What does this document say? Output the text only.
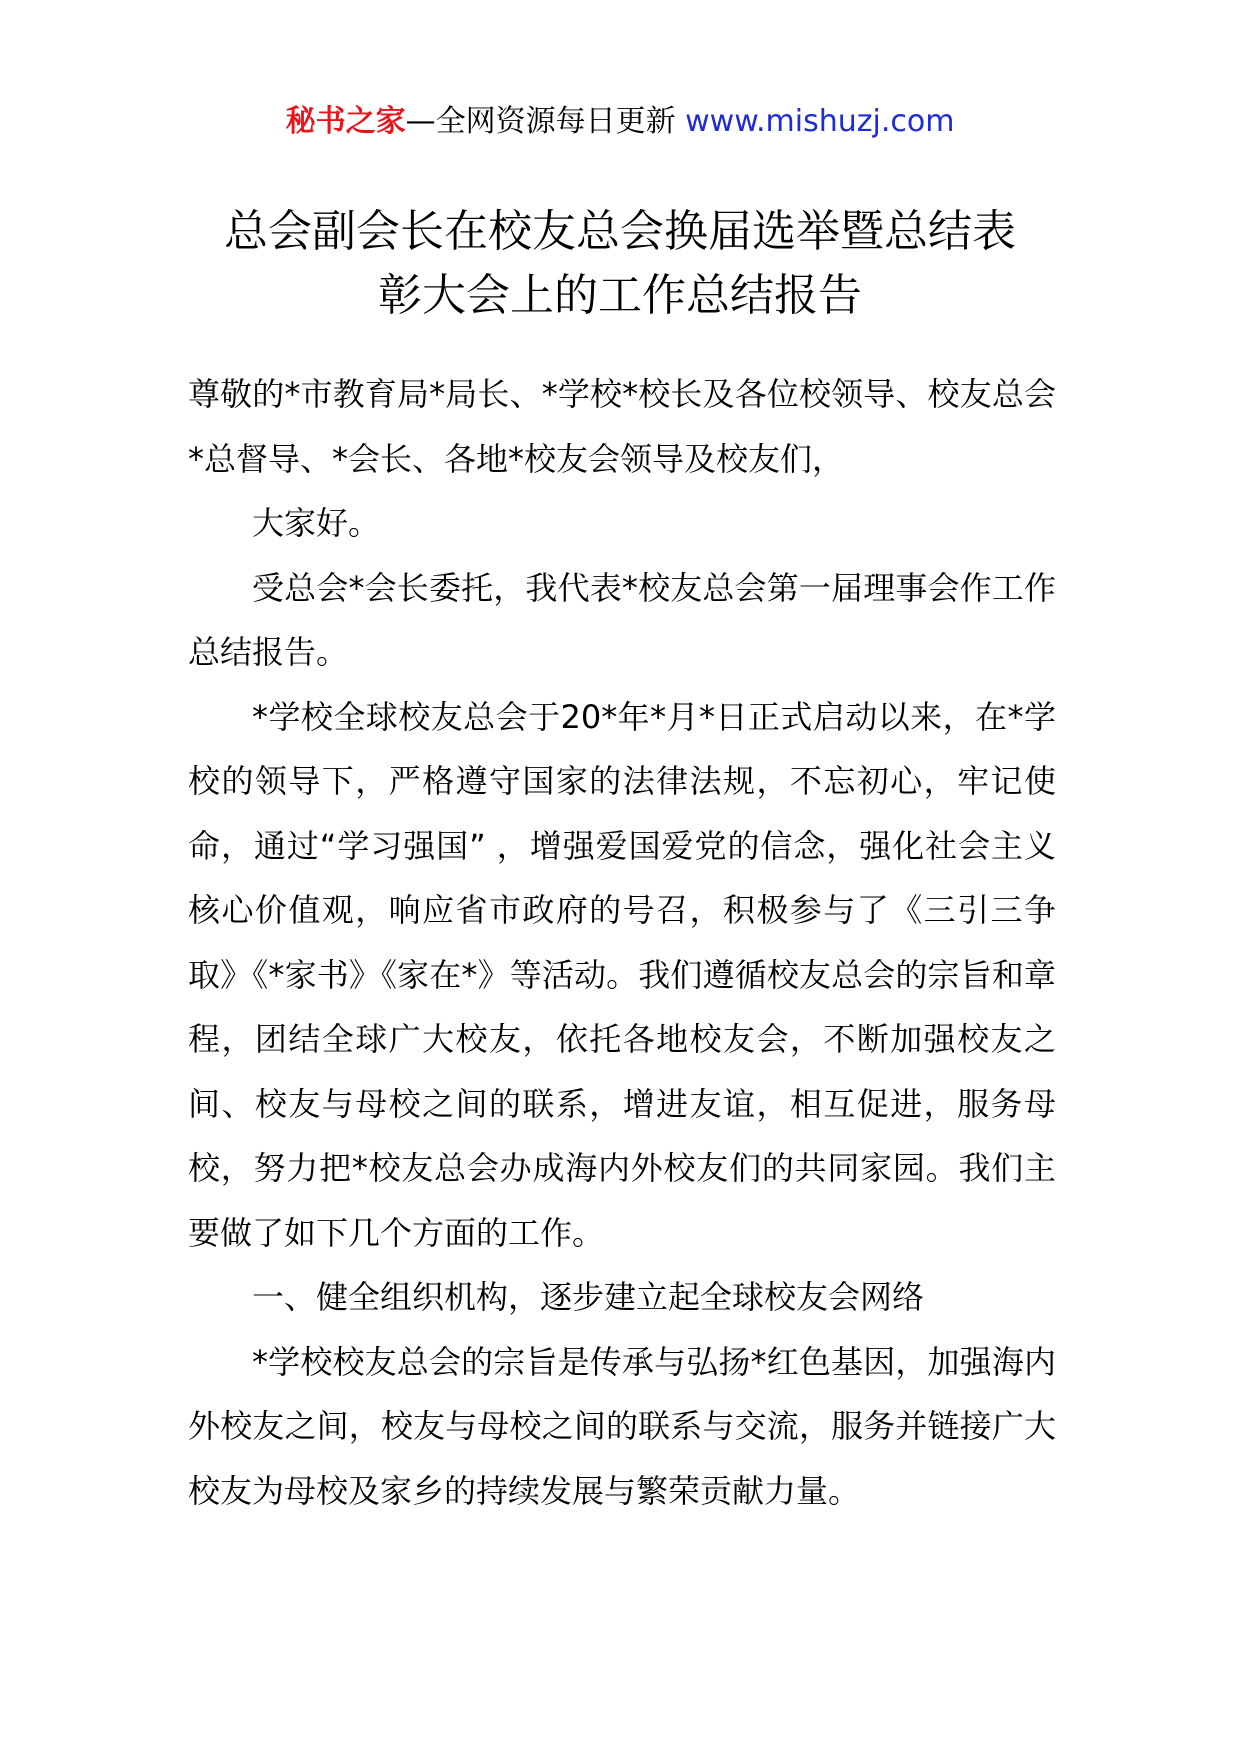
秘书之家—全网资源每日更新 www.mishuzj.com
总会副会长在校友总会换届选举暨总结表
彰大会上的工作总结报告

尊敬的*市教育局*局长、*学校*校长及各位校领导、校友总会*总督导、*会长、各地*校友会领导及校友们，

大家好。

受总会*会长委托，我代表*校友总会第一届理事会作工作总结报告。

*学校全球校友总会于20*年*月*日正式启动以来，在*学校的领导下，严格遵守国家的法律法规，不忘初心，牢记使命，通过“学习强国” ，增强爱国爱党的信念，强化社会主义核心价值观，响应省市政府的号召，积极参与了《三引三争取》《*家书》《家在*》等活动。我们遵循校友总会的宗旨和章程，团结全球广大校友，依托各地校友会，不断加强校友之间、校友与母校之间的联系，增进友谊，相互促进，服务母校，努力把*校友总会办成海内外校友们的共同家园。我们主要做了如下几个方面的工作。

一、健全组织机构，逐步建立起全球校友会网络

*学校校友总会的宗旨是传承与弘扬*红色基因，加强海内外校友之间，校友与母校之间的联系与交流，服务并链接广大校友为母校及家乡的持续发展与繁荣贡献力量。
